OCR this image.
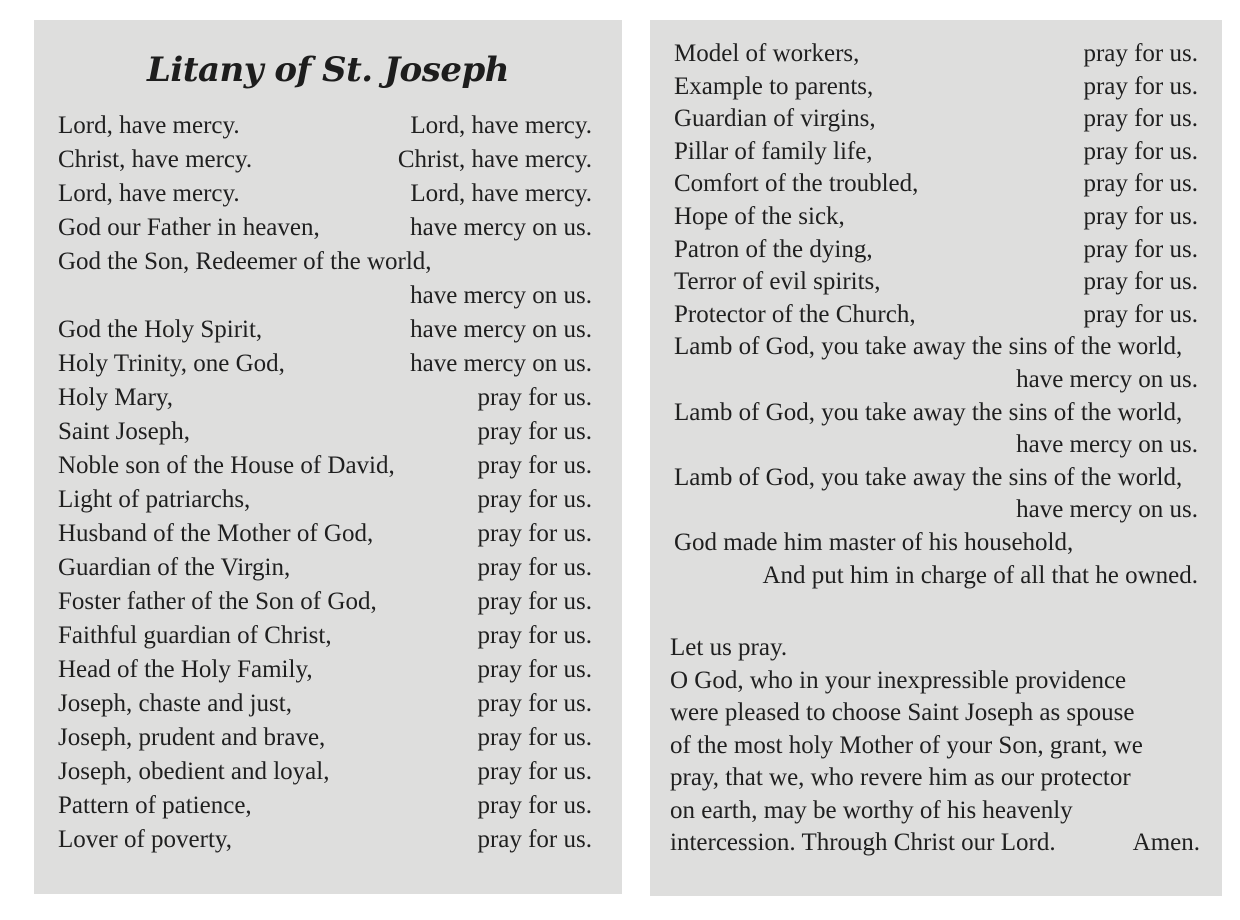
Litany of St. Joseph
Lord, have mercy.	Lord, have mercy.
Christ, have mercy.	Christ, have mercy.
Lord, have mercy.	Lord, have mercy.
God our Father in heaven,	have mercy on us.
God the Son, Redeemer of the world,
have mercy on us.
God the Holy Spirit,	have mercy on us.
Holy Trinity, one God,	have mercy on us.
Holy Mary,	pray for us.
Saint Joseph,	pray for us.
Noble son of the House of David,	pray for us.
Light of patriarchs,	pray for us.
Husband of the Mother of God,	pray for us.
Guardian of the Virgin,	pray for us.
Foster father of the Son of God,	pray for us.
Faithful guardian of Christ,	pray for us.
Head of the Holy Family,	pray for us.
Joseph, chaste and just,	pray for us.
Joseph, prudent and brave,	pray for us.
Joseph, obedient and loyal,	pray for us.
Pattern of patience,	pray for us.
Lover of poverty,	pray for us.
Model of workers,	pray for us.
Example to parents,	pray for us.
Guardian of virgins,	pray for us.
Pillar of family life,	pray for us.
Comfort of the troubled,	pray for us.
Hope of the sick,	pray for us.
Patron of the dying,	pray for us.
Terror of evil spirits,	pray for us.
Protector of the Church,	pray for us.
Lamb of God, you take away the sins of the world,
have mercy on us.
Lamb of God, you take away the sins of the world,
have mercy on us.
Lamb of God, you take away the sins of the world,
have mercy on us.
God made him master of his household,
And put him in charge of all that he owned.
Let us pray.
O God, who in your inexpressible providence
were pleased to choose Saint Joseph as spouse
of the most holy Mother of your Son, grant, we
pray, that we, who revere him as our protector
on earth, may be worthy of his heavenly
intercession. Through Christ our Lord.	Amen.
